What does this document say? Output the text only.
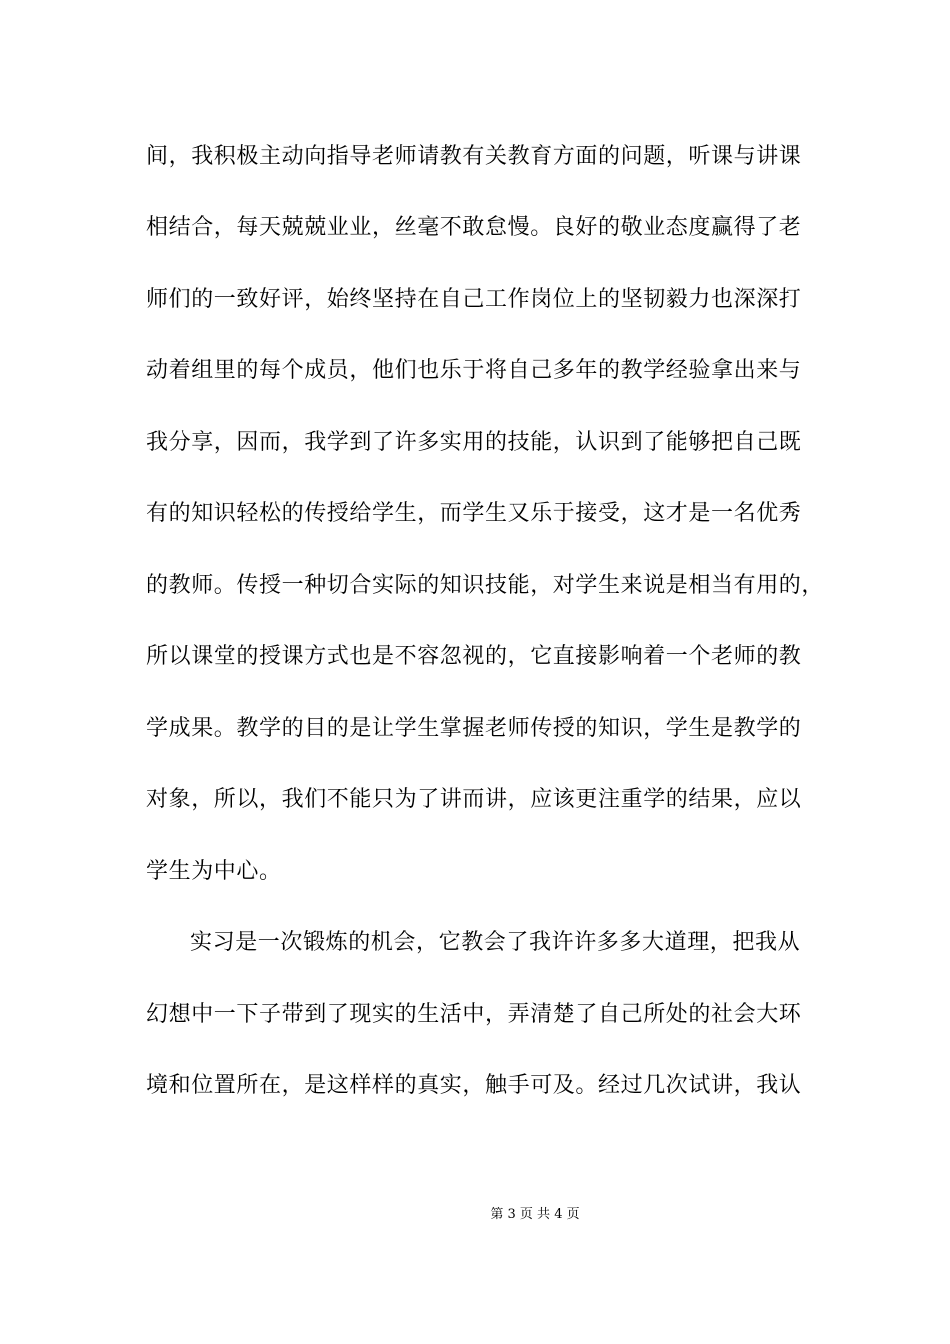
间，我积极主动向指导老师请教有关教育方面的问题，听课与讲课
相结合，每天兢兢业业，丝毫不敢怠慢。良好的敬业态度赢得了老
师们的一致好评，始终坚持在自己工作岗位上的坚韧毅力也深深打
动着组里的每个成员，他们也乐于将自己多年的教学经验拿出来与
我分享，因而，我学到了许多实用的技能，认识到了能够把自己既
有的知识轻松的传授给学生，而学生又乐于接受，这才是一名优秀
的教师。传授一种切合实际的知识技能，对学生来说是相当有用的，
所以课堂的授课方式也是不容忽视的，它直接影响着一个老师的教
学成果。教学的目的是让学生掌握老师传授的知识，学生是教学的
对象，所以，我们不能只为了讲而讲，应该更注重学的结果，应以
学生为中心。
实习是一次锻炼的机会，它教会了我许许多多大道理，把我从
幻想中一下子带到了现实的生活中，弄清楚了自己所处的社会大环
境和位置所在，是这样样的真实，触手可及。经过几次试讲，我认
第 3 页 共 4 页
